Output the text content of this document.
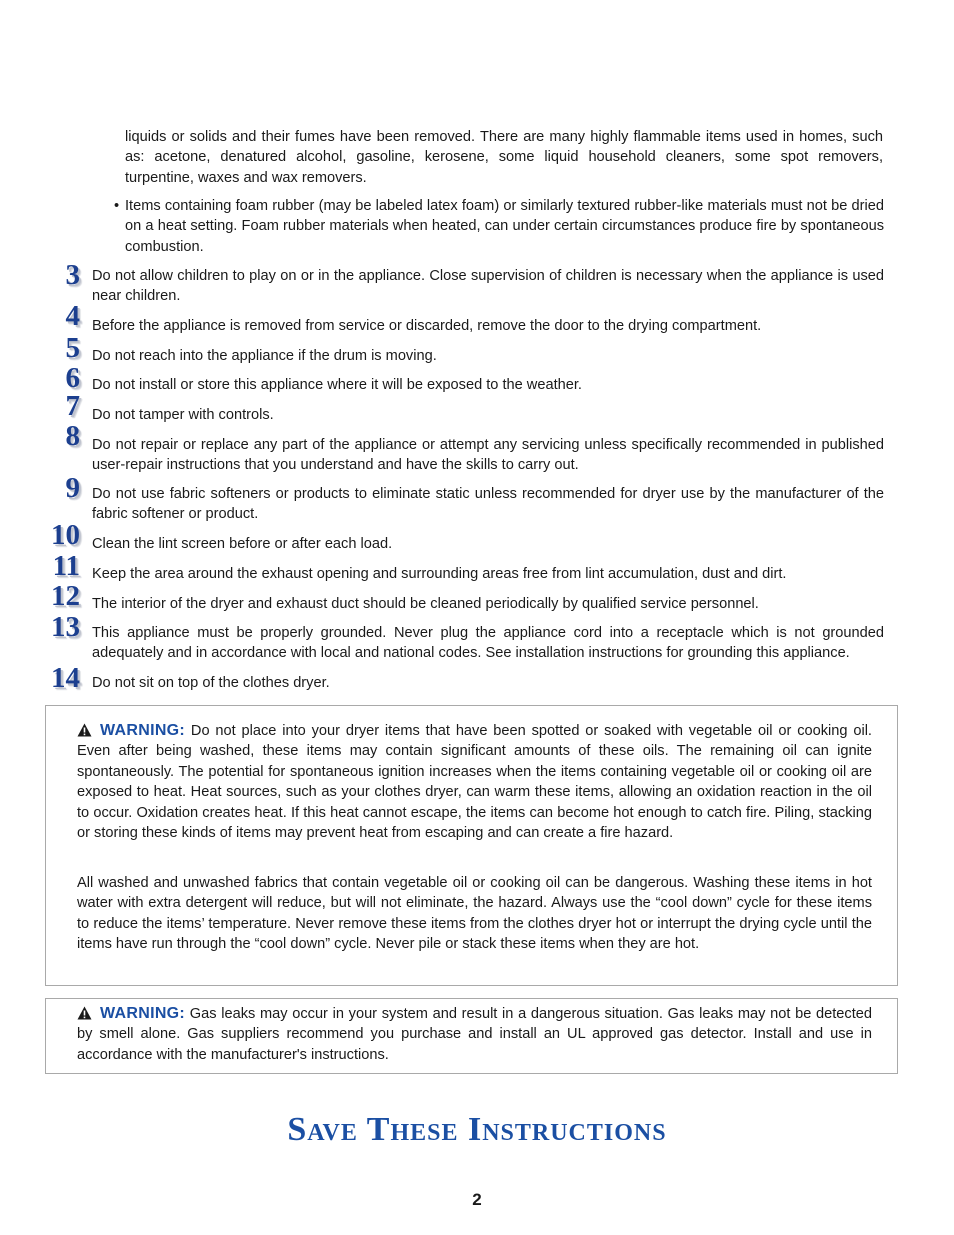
liquids or solids and their fumes have been removed. There are many highly flammable items used in homes, such as: acetone, denatured alcohol, gasoline, kerosene, some liquid household cleaners, some spot removers, turpentine, waxes and wax removers.

• Items containing foam rubber (may be labeled latex foam) or similarly textured rubber-like materials must not be dried on a heat setting. Foam rubber materials when heated, can under certain circumstances produce fire by spontaneous combustion.

3 Do not allow children to play on or in the appliance. Close supervision of children is necessary when the appliance is used near children.

4 Before the appliance is removed from service or discarded, remove the door to the drying compartment.

5 Do not reach into the appliance if the drum is moving.

6 Do not install or store this appliance where it will be exposed to the weather.

7 Do not tamper with controls.

8 Do not repair or replace any part of the appliance or attempt any servicing unless specifically recommended in published user-repair instructions that you understand and have the skills to carry out.

9 Do not use fabric softeners or products to eliminate static unless recommended for dryer use by the manufacturer of the fabric softener or product.

10 Clean the lint screen before or after each load.

11 Keep the area around the exhaust opening and surrounding areas free from lint accumulation, dust and dirt.

12 The interior of the dryer and exhaust duct should be cleaned periodically by qualified service personnel.

13 This appliance must be properly grounded. Never plug the appliance cord into a receptacle which is not grounded adequately and in accordance with local and national codes. See installation instructions for grounding this appliance.

14 Do not sit on top of the clothes dryer.

WARNING: Do not place into your dryer items that have been spotted or soaked with vegetable oil or cooking oil. Even after being washed, these items may contain significant amounts of these oils. The remaining oil can ignite spontaneously. The potential for spontaneous ignition increases when the items containing vegetable oil or cooking oil are exposed to heat. Heat sources, such as your clothes dryer, can warm these items, allowing an oxidation reaction in the oil to occur. Oxidation creates heat. If this heat cannot escape, the items can become hot enough to catch fire. Piling, stacking or storing these kinds of items may prevent heat from escaping and can create a fire hazard.

All washed and unwashed fabrics that contain vegetable oil or cooking oil can be dangerous. Washing these items in hot water with extra detergent will reduce, but will not eliminate, the hazard. Always use the “cool down” cycle for these items to reduce the items’ temperature. Never remove these items from the clothes dryer hot or interrupt the drying cycle until the items have run through the “cool down” cycle. Never pile or stack these items when they are hot.

WARNING: Gas leaks may occur in your system and result in a dangerous situation. Gas leaks may not be detected by smell alone. Gas suppliers recommend you purchase and install an UL approved gas detector. Install and use in accordance with the manufacturer's instructions.

Save These Instructions
2
